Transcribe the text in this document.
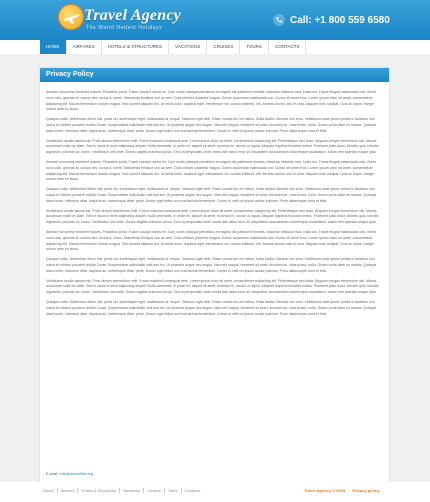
Travel Agency
The World Hottest Holidays
Call: +1 800 559 6580
HOME	AIRFARES	HOTELS & STRUCTURES	VACATIONS	CRUISES	TOURS	CONTACTS
Privacy Policy

Aenean nonummy hendrerit mauris. Phasellus porta. Fusce suscipit varius mi. Cum sociis natoque penatibus et magnis dis parturient montes, nascetur ridiculus mus. Nulla dui. Fusce feugiat malesuada odio. Morbi nunc odio, gravida at, cursus nec, luctus a, lorem. Maecenas tristique orci ac sem. Duis ultricies pharetra magna. Donec accumsan malesuada orci. Donec sit amet eros. Lorem ipsum dolor sit amet, consectetuer adipiscing elit. Mauris fermentum dictum magna. Sed laoreet aliquam leo. Ut tellus dolor, dapibus eget, elementum vel, cursus eleifend, elit. Aenean auctor wisi et urna. Aliquam erat volutpat. Duis ac turpis. Integer rutrum ante eu lacus.

Quisque nulla. Vestibulum libero nisl, porta vel, scelerisque eget, malesuada at, neque. Vivamus eget nibh. Etiam cursus leo vel metus. Nulla facilisi. Aenean nec eros. Vestibulum ante ipsum primis in faucibus orci luctus et ultrices posuere cubilia Curae; Suspendisse sollicitudin velit sed leo. Ut pharetra augue nec augue. Nam elit magna, hendrerit sit amet, tincidunt ac, viverra sed, nulla. Donec porta diam eu massa. Quisque diam lorem, interdum vitae, dapibus ac, scelerisque vitae, pede. Donec eget tellus non erat lacinia fermentum. Donec in velit vel ipsum auctor pulvinar. Proin ullamcorper urna et felis.

Vestibulum iaculis lacinia est. Proin dictum elementum velit. Fusce euismod consequat ante. Lorem ipsum dolor sit amet, consectetuer adipiscing elit. Pellentesque sed dolor. Aliquam congue fermentum nisl. Mauris accumsan nulla vel diam. Sed in lacus ut enim adipiscing aliquet. Nulla venenatis. In pede mi, aliquet sit amet, euismod in, auctor ut, ligula. Aliquam dapibus tincidunt metus. Praesent justo dolor, lobortis quis, lobortis dignissim, pulvinar ac, lorem. Vestibulum sed ante. Donec sagittis euismod purus. Sed ut perspiciatis unde omnis iste natus error sit voluptatem accusantium doloremque laudantium, totam rem aperiam eaque ipsa.

Aenean nonummy hendrerit mauris. Phasellus porta. Fusce suscipit varius mi. Cum sociis natoque penatibus et magnis dis parturient montes, nascetur ridiculus mus. Nulla dui. Fusce feugiat malesuada odio. Morbi nunc odio, gravida at, cursus nec, luctus a, lorem. Maecenas tristique orci ac sem. Duis ultricies pharetra magna. Donec accumsan malesuada orci. Donec sit amet eros. Lorem ipsum dolor sit amet, consectetuer adipiscing elit. Mauris fermentum dictum magna. Sed laoreet aliquam leo. Ut tellus dolor, dapibus eget, elementum vel, cursus eleifend, elit. Aenean auctor wisi et urna. Aliquam erat volutpat. Duis ac turpis. Integer rutrum ante eu lacus.

Quisque nulla. Vestibulum libero nisl, porta vel, scelerisque eget, malesuada at, neque. Vivamus eget nibh. Etiam cursus leo vel metus. Nulla facilisi. Aenean nec eros. Vestibulum ante ipsum primis in faucibus orci luctus et ultrices posuere cubilia Curae; Suspendisse sollicitudin velit sed leo. Ut pharetra augue nec augue. Nam elit magna, hendrerit sit amet, tincidunt ac, viverra sed, nulla. Donec porta diam eu massa. Quisque diam lorem, interdum vitae, dapibus ac, scelerisque vitae, pede. Donec eget tellus non erat lacinia fermentum. Donec in velit vel ipsum auctor pulvinar. Proin ullamcorper urna et felis.

Vestibulum iaculis lacinia est. Proin dictum elementum velit. Fusce euismod consequat ante. Lorem ipsum dolor sit amet, consectetuer adipiscing elit. Pellentesque sed dolor. Aliquam congue fermentum nisl. Mauris accumsan nulla vel diam. Sed in lacus ut enim adipiscing aliquet. Nulla venenatis. In pede mi, aliquet sit amet, euismod in, auctor ut, ligula. Aliquam dapibus tincidunt metus. Praesent justo dolor, lobortis quis, lobortis dignissim, pulvinar ac, lorem. Vestibulum sed ante. Donec sagittis euismod purus. Sed ut perspiciatis unde omnis iste natus error sit voluptatem accusantium doloremque laudantium, totam rem aperiam eaque ipsa.

Aenean nonummy hendrerit mauris. Phasellus porta. Fusce suscipit varius mi. Cum sociis natoque penatibus et magnis dis parturient montes, nascetur ridiculus mus. Nulla dui. Fusce feugiat malesuada odio. Morbi nunc odio, gravida at, cursus nec, luctus a, lorem. Maecenas tristique orci ac sem. Duis ultricies pharetra magna. Donec accumsan malesuada orci. Donec sit amet eros. Lorem ipsum dolor sit amet, consectetuer adipiscing elit. Mauris fermentum dictum magna. Sed laoreet aliquam leo. Ut tellus dolor, dapibus eget, elementum vel, cursus eleifend, elit. Aenean auctor wisi et urna. Aliquam erat volutpat. Duis ac turpis. Integer rutrum ante eu lacus.

Quisque nulla. Vestibulum libero nisl, porta vel, scelerisque eget, malesuada at, neque. Vivamus eget nibh. Etiam cursus leo vel metus. Nulla facilisi. Aenean nec eros. Vestibulum ante ipsum primis in faucibus orci luctus et ultrices posuere cubilia Curae; Suspendisse sollicitudin velit sed leo. Ut pharetra augue nec augue. Nam elit magna, hendrerit sit amet, tincidunt ac, viverra sed, nulla. Donec porta diam eu massa. Quisque diam lorem, interdum vitae, dapibus ac, scelerisque vitae, pede. Donec eget tellus non erat lacinia fermentum. Donec in velit vel ipsum auctor pulvinar. Proin ullamcorper urna et felis.

Vestibulum iaculis lacinia est. Proin dictum elementum velit. Fusce euismod consequat ante. Lorem ipsum dolor sit amet, consectetuer adipiscing elit. Pellentesque sed dolor. Aliquam congue fermentum nisl. Mauris accumsan nulla vel diam. Sed in lacus ut enim adipiscing aliquet. Nulla venenatis. In pede mi, aliquet sit amet, euismod in, auctor ut, ligula. Aliquam dapibus tincidunt metus. Praesent justo dolor, lobortis quis, lobortis dignissim, pulvinar ac, lorem. Vestibulum sed ante. Donec sagittis euismod purus. Sed ut perspiciatis unde omnis iste natus error sit voluptatem accusantium doloremque laudantium, totam rem aperiam eaque ipsa.

Quisque nulla. Vestibulum libero nisl, porta vel, scelerisque eget, malesuada at, neque. Vivamus eget nibh. Etiam cursus leo vel metus. Nulla facilisi. Aenean nec eros. Vestibulum ante ipsum primis in faucibus orci luctus et ultrices posuere cubilia Curae; Suspendisse sollicitudin velit sed leo. Ut pharetra augue nec augue. Nam elit magna, hendrerit sit amet, tincidunt ac, viverra sed, nulla. Donec porta diam eu massa. Quisque diam lorem, interdum vitae, dapibus ac, scelerisque vitae, pede. Donec eget tellus non erat lacinia fermentum. Donec in velit vel ipsum auctor pulvinar. Proin ullamcorper urna et felis.

E-mail: info@demolink.org
Home	Airfares	Hotels & Structures	Vacations	Cruises	Tours	Contacts	Travel Agency © 2009 | Privacy policy
